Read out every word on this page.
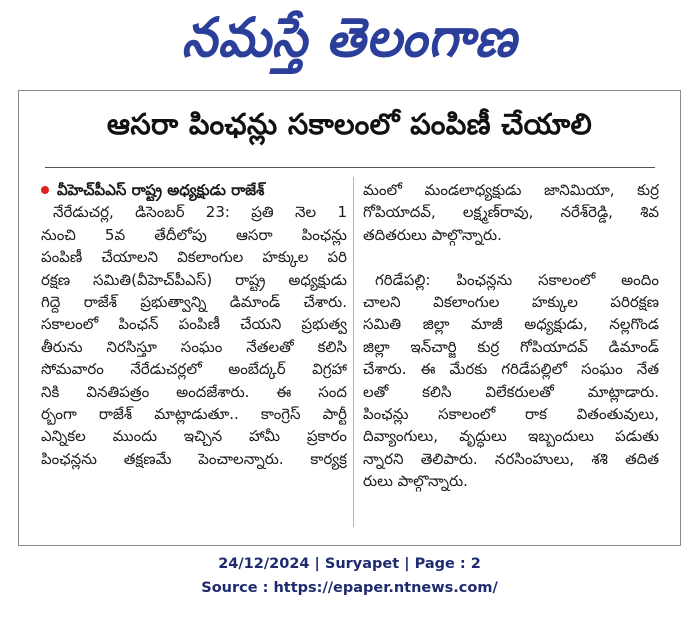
నమస్తే తెలంగాణ
ఆసరా పింఛన్లు సకాలంలో పంపిణీ చేయాలి
వీహెచ్‌పీఎస్ రాష్ట్ర అధ్యక్షుడు రాజేశ్
నేరేడుచర్ల, డిసెంబర్ 23: ప్రతి నెల 1
నుంచి 5వ తేదీలోపు ఆసరా పింఛన్లు
పంపిణీ చేయాలని వికలాంగుల హక్కుల పరి
రక్షణ సమితి(వీహెచ్‌పీఎస్) రాష్ట్ర అధ్యక్షుడు
గిద్దె రాజేశ్ ప్రభుత్వాన్ని డిమాండ్ చేశారు.
సకాలంలో పింఛన్ పంపిణీ చేయని ప్రభుత్వ
తీరును నిరసిస్తూ సంఘం నేతలతో కలిసి
సోమవారం నేరేడుచర్లలో అంబేద్కర్ విగ్రహా
నికి వినతిపత్రం అందజేశారు. ఈ సంద
ర్భంగా రాజేశ్ మాట్లాడుతూ.. కాంగ్రెస్ పార్టీ
ఎన్నికల ముందు ఇచ్చిన హామీ ప్రకారం
పింఛన్లను తక్షణమే పెంచాలన్నారు. కార్యక్ర
మంలో మండలాధ్యక్షుడు జానిమియా, కుర్ర
గోపియాదవ్, లక్ష్మణ్‌రావు, నరేశ్‌రెడ్డి, శివ
తదితరులు పాల్గొన్నారు.

గరిడేపల్లి: పింఛన్లను సకాలంలో అందిం
చాలని వికలాంగుల హక్కుల పరిరక్షణ
సమితి జిల్లా మాజీ అధ్యక్షుడు, నల్లగొండ
జిల్లా ఇన్‌చార్జి కుర్ర గోపియాదవ్ డిమాండ్
చేశారు. ఈ మేరకు గరిడేపల్లిలో సంఘం నేత
లతో కలిసి విలేకరులతో మాట్లాడారు.
పింఛన్లు సకాలంలో రాక వితంతువులు,
దివ్యాంగులు, వృద్ధులు ఇబ్బందులు పడుతు
న్నారని తెలిపారు. నరసింహులు, శశి తదిత
రులు పాల్గొన్నారు.
24/12/2024 | Suryapet | Page : 2
Source : https://epaper.ntnews.com/
